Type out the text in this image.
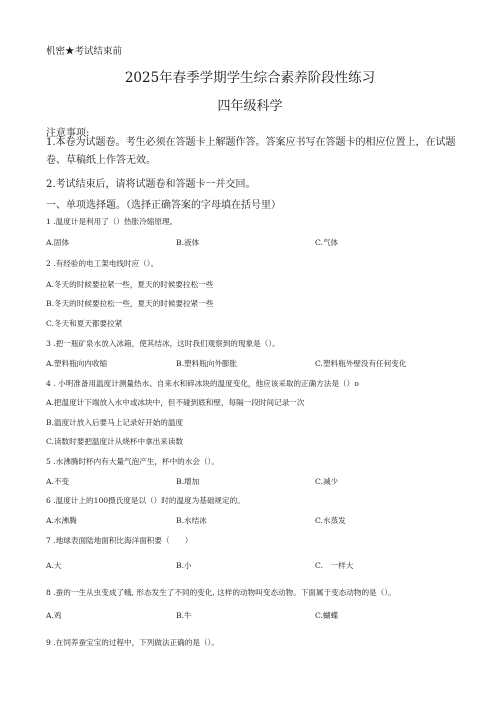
机密★考试结束前
2025年春季学期学生综合素养阶段性练习
四年级科学
注意事项:
1.本卷为试题卷。考生必须在答题卡上解题作答。答案应书写在答题卡的相应位置上，在试题卷、草稿纸上作答无效。
2.考试结束后，请将试题卷和答题卡一并交回。
一、单项选择题。（选择正确答案的字母填在括号里）
1 .温度计是利用了（）热胀冷缩原理。
A.固体	B.液体	C.气体
2 .有经验的电工架电线时应（）。
A.冬天的时候要拉紧一些，夏天的时候要拉松一些
B.冬天的时候要拉松一些，夏天的时候要拉紧一些
C.冬天和夏天都要拉紧
3 .把一瓶矿泉水放入冰箱，使其结冰，这时我们观察到的现象是（）。
A.塑料瓶向内收缩	B.塑料瓶向外膨胀	C.塑料瓶外壁没有任何变化
4 . 小明准备用温度计测量热水、自来水和碎冰块的温度变化，他应该采取的正确方法是（）o
A.把温度计下端放入水中或冰块中，但不碰到底和壁，每隔一段时间记录一次
B.温度计放入后要马上记录好开始的温度
C.读数时要把温度计从烧杯中拿出来读数
5 .水沸腾时杯内有大量气泡产生，杯中的水会（）。
A.不变	B.增加	C.减少
6 .温度计上的100摄氏度是以（）时的温度为基础规定的。
A.水沸腾	B.水结冰	C.水蒸发
7 .地球表面陆地面积比海洋面积要（　　）
A.大	B.小	C.　一样大
8 .蚕的一生从虫变成了蛾, 形态发生了不同的变化, 这样的动物叫变态动物。下面属于变态动物的是（）。
A.鸡	B.牛	C.蝴蝶
9 .在饲养蚕宝宝的过程中，下列做法正确的是（）。
